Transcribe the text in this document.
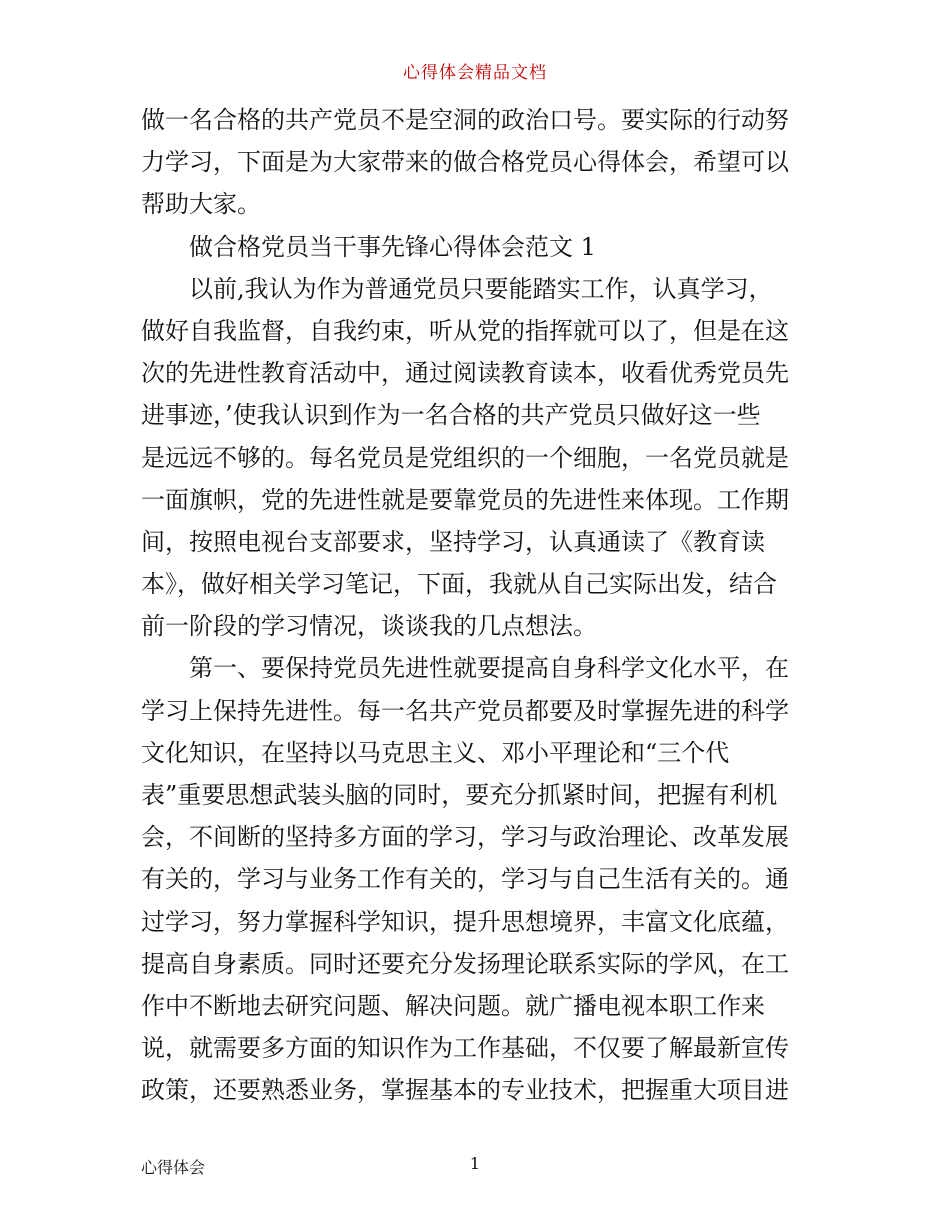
心得体会精品文档
做一名合格的共产党员不是空洞的政治口号。要实际的行动努
力学习，下面是为大家带来的做合格党员心得体会，希望可以
帮助大家。
做合格党员当干事先锋心得体会范文 1
以前,我认为作为普通党员只要能踏实工作，认真学习，
做好自我监督，自我约束，听从党的指挥就可以了，但是在这
次的先进性教育活动中，通过阅读教育读本，收看优秀党员先
进事迹，’使我认识到作为一名合格的共产党员只做好这一些
是远远不够的。每名党员是党组织的一个细胞，一名党员就是
一面旗帜，党的先进性就是要靠党员的先进性来体现。工作期
间，按照电视台支部要求，坚持学习，认真通读了《教育读
本》，做好相关学习笔记，下面，我就从自己实际出发，结合
前一阶段的学习情况，谈谈我的几点想法。
第一、要保持党员先进性就要提高自身科学文化水平，在
学习上保持先进性。每一名共产党员都要及时掌握先进的科学
文化知识，在坚持以马克思主义、邓小平理论和“三个代
表”重要思想武装头脑的同时，要充分抓紧时间，把握有利机
会，不间断的坚持多方面的学习，学习与政治理论、改革发展
有关的，学习与业务工作有关的，学习与自己生活有关的。通
过学习，努力掌握科学知识，提升思想境界，丰富文化底蕴，
提高自身素质。同时还要充分发扬理论联系实际的学风，在工
作中不断地去研究问题、解决问题。就广播电视本职工作来
说，就需要多方面的知识作为工作基础，不仅要了解最新宣传
政策，还要熟悉业务，掌握基本的专业技术，把握重大项目进
心得体会	1
